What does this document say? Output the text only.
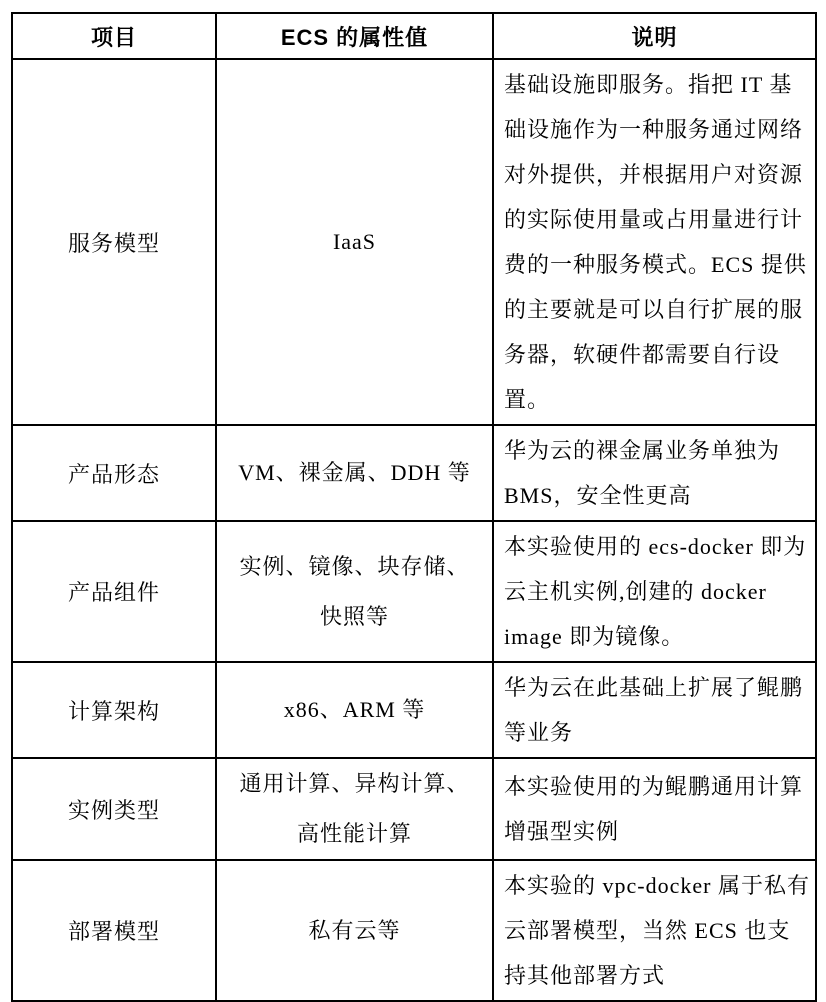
项目	ECS 的属性值	说明
服务模型	IaaS	基础设施即服务。指把 IT 基础设施作为一种服务通过网络对外提供，并根据用户对资源的实际使用量或占用量进行计费的一种服务模式。ECS 提供的主要就是可以自行扩展的服务器，软硬件都需要自行设置。
产品形态	VM、裸金属、DDH 等	华为云的裸金属业务单独为 BMS，安全性更高
产品组件	实例、镜像、块存储、快照等	本实验使用的 ecs-docker 即为云主机实例,创建的 docker image 即为镜像。
计算架构	x86、ARM 等	华为云在此基础上扩展了鲲鹏等业务
实例类型	通用计算、异构计算、高性能计算	本实验使用的为鲲鹏通用计算增强型实例
部署模型	私有云等	本实验的 vpc-docker 属于私有云部署模型，当然 ECS 也支持其他部署方式
